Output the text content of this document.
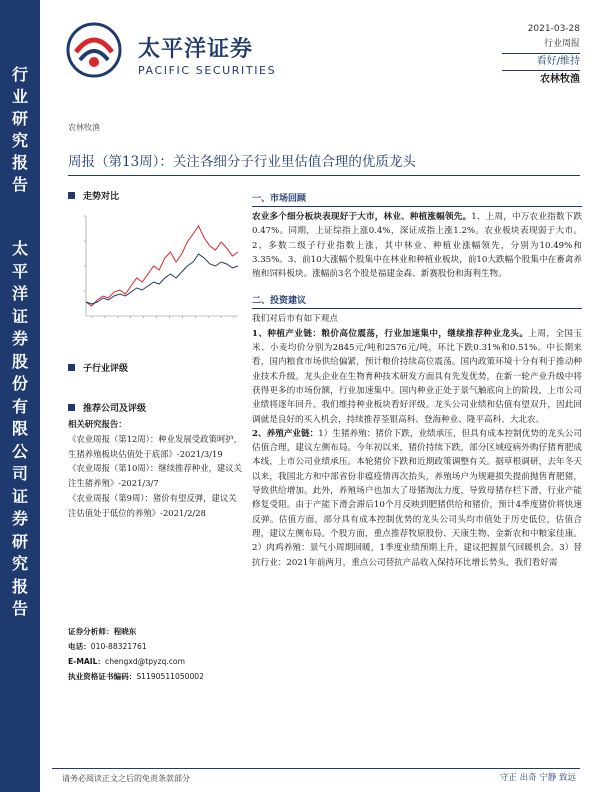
行业研究报告
太平洋证券股份有限公司证券研究报告
太平洋证券
PACIFIC SECURITIES
2021-03-28
行业周报
看好/维持
农林牧渔
农林牧渔
周报（第13周）：关注各细分子行业里估值合理的优质龙头
走势对比
子行业评级
推荐公司及评级
相关研究报告：
《农业周报（第12周）：种业发展受政策呵护，生猪养殖板块估值处于底部》-2021/3/19
《农业周报（第10周）：继续推荐种业，建议关注生猪养殖》-2021/3/7
《农业周报（第9周）：猪价有望反弹，建议关注估值处于低位的养殖》-2021/2/28
证券分析师：程晓东
电话：010-88321761
E-MAIL：chengxd@tpyzq.com
执业资格证书编码：S1190511050002
一、市场回顾
农业多个细分板块表现好于大市，林业、种植涨幅领先。1、上周，中万农业指数下跌0.47%。同期，上证综指上涨0.4%，深证成指上涨1.2%。农业板块表现弱于大市。2、多数二级子行业指数上涨，其中林业、种植业涨幅领先，分别为10.49%和3.35%。3、前10大涨幅个股集中在林业和种植业板块，前10大跌幅个股集中在畜禽养殖和饲料板块。涨幅前3名个股是福建金森、新赛股份和海利生物。
二、投资建议
我们对后市有如下观点
1、种植产业链：粮价高位震荡，行业加速集中，继续推荐种业龙头。上周，全国玉米、小麦均价分别为2845元/吨和2576元/吨，环比下跌0.31%和0.51%。中长期来看，国内粮食市场供给偏紧，预计粮价持续高位震荡。国内政策环境十分有利于推动种业技术升级。龙头企业在生物育种技术研发方面具有先发优势，在新一轮产业升级中将获得更多的市场份额，行业加速集中。国内种业正处于景气触底向上的阶段，上市公司业绩将逐年回升。我们维持种业板块看好评级。龙头公司业绩和估值有望双升，因此回调就是良好的买入机会，持续推荐荃银高科、登海种业、隆平高科、大北农。
2、养殖产业链：1）生猪养殖：猪价下跌，业绩承压，但具有成本控制优势的龙头公司估值合理，建议左侧布局。今年初以来，猪价持续下跌，部分区域疫病外购仔猪育肥成本线，上市公司业绩承压。本轮猪价下跌和近期政策调整有关。据草根调研，去年冬天以来，我国北方和中部省份非瘟疫情再次抬头，养殖场户为规避损失提前抛售育肥猪，导致供给增加。此外，养殖场户也加大了母猪淘汰力度，导致母猪存栏下滑，行业产能修复受阻。由于产能下滑会滞后10个月反映到肥猪供给和猪价，预计4季度猪价将快速反弹。估值方面，部分具有成本控制优势的龙头公司头均市值处于历史低位，估值合理，建议左侧布局。个股方面，重点推荐牧原股份、天康生物、金新农和中粮家佳康。2）肉鸡养殖：景气小周期回暖，1季度业绩预期上升，建议把握景气回暖机会。3）替抗行业：2021年前两月，重点公司替抗产品收入保持环比增长势头，我们看好需
请务必阅读正文之后的免责条款部分	守正 出奇 宁静 致远
